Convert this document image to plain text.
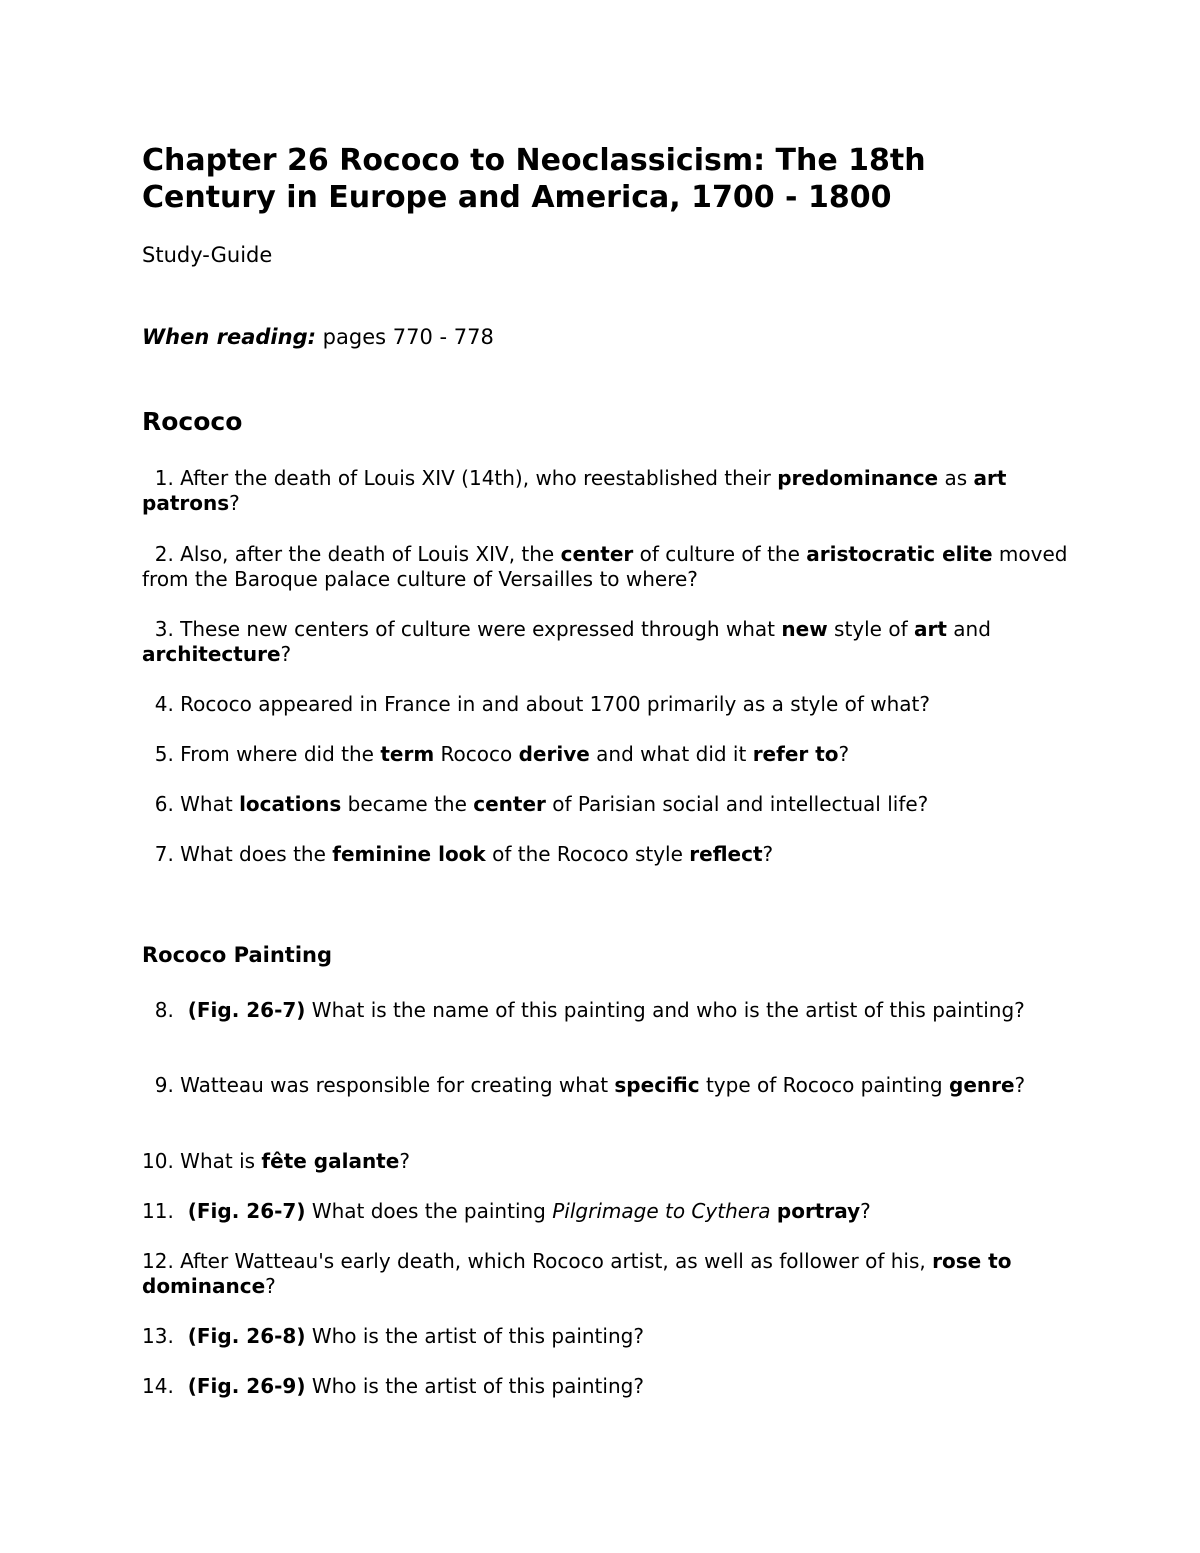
Chapter 26 Rococo to Neoclassicism: The 18th
Century in Europe and America, 1700 - 1800

Study-Guide

When reading: pages 770 - 778

Rococo

1. After the death of Louis XIV (14th), who reestablished their predominance as art patrons?

2. Also, after the death of Louis XIV, the center of culture of the aristocratic elite moved from the Baroque palace culture of Versailles to where?

3. These new centers of culture were expressed through what new style of art and architecture?

4. Rococo appeared in France in and about 1700 primarily as a style of what?

5. From where did the term Rococo derive and what did it refer to?

6. What locations became the center of Parisian social and intellectual life?

7. What does the feminine look of the Rococo style reflect?

Rococo Painting

8.  (Fig. 26-7) What is the name of this painting and who is the artist of this painting?

9. Watteau was responsible for creating what specific type of Rococo painting genre?

10. What is fête galante?

11.  (Fig. 26-7) What does the painting Pilgrimage to Cythera portray?

12. After Watteau's early death, which Rococo artist, as well as follower of his, rose to dominance?

13.  (Fig. 26-8) Who is the artist of this painting?

14.  (Fig. 26-9) Who is the artist of this painting?
